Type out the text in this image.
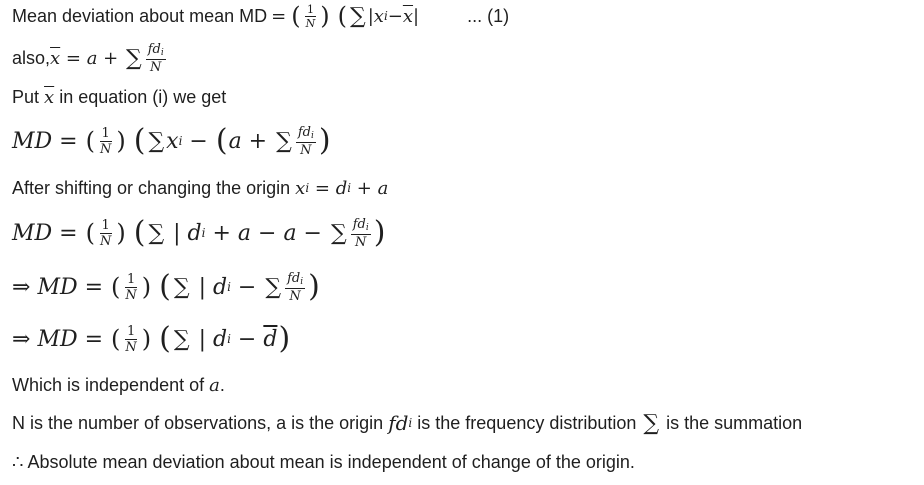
Mean deviation about mean MD = ( $\frac{1}{N}$ ) ( ∑ |x $i - \overline{x}$ |	... (1)
also, $\overline{x} = a$ + ∑ $\frac{fd_i}{N}$
Put $\overline{x}$ in equation (i) we get
MD = ( $\frac{1}{N}$ ) ( ∑ x i − ( a + ∑ $\frac{fd_i}{N}$ )
After shifting or changing the origin x i = d i + a
MD = ( $\frac{1}{N}$ ) ( ∑ | d i + a − a − ∑ $\frac{fd_i}{N}$ )
⇒ MD = ( $\frac{1}{N}$ ) ( ∑ | d i − ∑ $\frac{fd_i}{N}$ )
⇒ MD = ( $\frac{1}{N}$ ) ( ∑ | d $i - \overline{d}$ )
Which is independent of a .
N is the number of observations, a is the origin fd i is the frequency distribution ∑ is the summation
∴ Absolute mean deviation about mean is independent of change of the origin.
